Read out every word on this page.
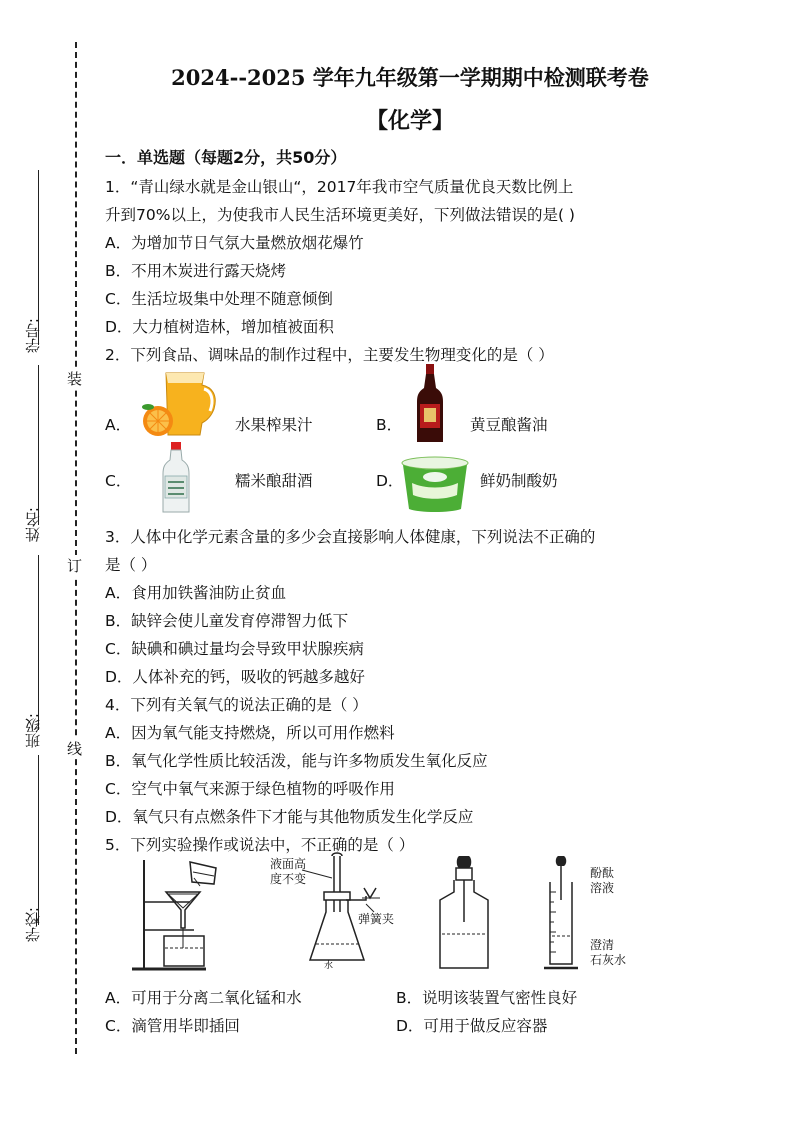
学号:
姓名:
班级:
学校:
装
订
线
2024--2025 学年九年级第一学期期中检测联考卷
【化学】
一．单选题（每题2分，共50分）
1．“青山绿水就是金山银山“，2017年我市空气质量优良天数比例上
升到70%以上，为使我市人民生活环境更美好，下列做法错误的是( )
A．为增加节日气氛大量燃放烟花爆竹
B．不用木炭进行露天烧烤
C．生活垃圾集中处理不随意倾倒
D．大力植树造林，增加植被面积
2．下列食品、调味品的制作过程中，主要发生物理变化的是（ ）
A．	水果榨果汁	B．	黄豆酿酱油
C．	糯米酿甜酒	D．	鲜奶制酸奶
3．人体中化学元素含量的多少会直接影响人体健康，下列说法不正确的
是（ ）
A．食用加铁酱油防止贫血
B．缺锌会使儿童发育停滞智力低下
C．缺碘和碘过量均会导致甲状腺疾病
D．人体补充的钙，吸收的钙越多越好
4．下列有关氧气的说法正确的是（ ）
A．因为氧气能支持燃烧，所以可用作燃料
B．氧气化学性质比较活泼，能与许多物质发生氧化反应
C．空气中氧气来源于绿色植物的呼吸作用
D．氧气只有点燃条件下才能与其他物质发生化学反应
5．下列实验操作或说法中，不正确的是（ ）
水
液面高
度不变
弹簧夹
酚酞
溶液
澄清
石灰水
A．可用于分离二氧化锰和水	B．说明该装置气密性良好
C．滴管用毕即插回	D．可用于做反应容器
